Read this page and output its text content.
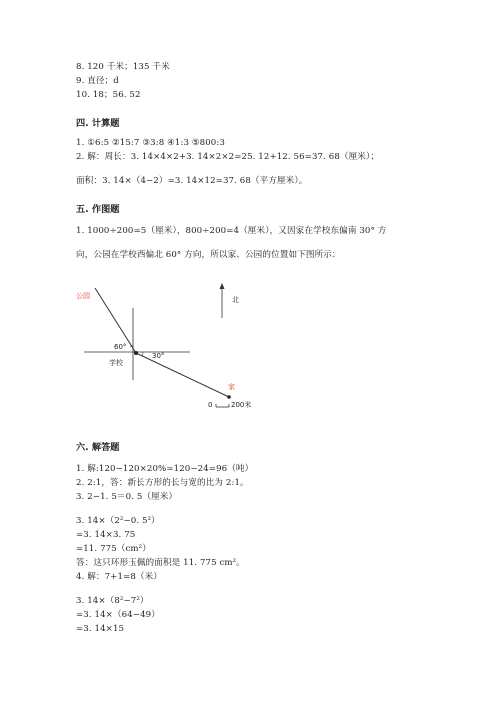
8. 120 千米；135 千米
9. 直径；d
10. 18；56. 52
四. 计算题
1. ①6:5 ②15:7 ③3:8 ④1:3 ⑤800:3
2. 解：周长：3. 14×4×2+3. 14×2×2=25. 12+12. 56=37. 68（厘米）；
面积：3. 14×（4−2）=3. 14×12=37. 68（平方厘米）。
五. 作图题
1. 1000÷200=5（厘米），800÷200=4（厘米），又因家在学校东偏南 30° 方
向，公园在学校西偏北 60° 方向，所以家、公园的位置如下图所示：
公园
家
学校
60°
30°
北
0	200米
六. 解答题
1. 解:120−120×20%=120−24=96（吨）
2. 2:1，答：新长方形的长与宽的比为 2:1。
3. 2−1. 5＝0. 5（厘米）
3. 14×（2²−0. 5²）
=3. 14×3. 75
=11. 775（cm²）
答：这只环形玉佩的面积是 11. 775 cm²。
4. 解：7+1=8（米）
3. 14×（8²−7²）
=3. 14×（64−49）
=3. 14×15
